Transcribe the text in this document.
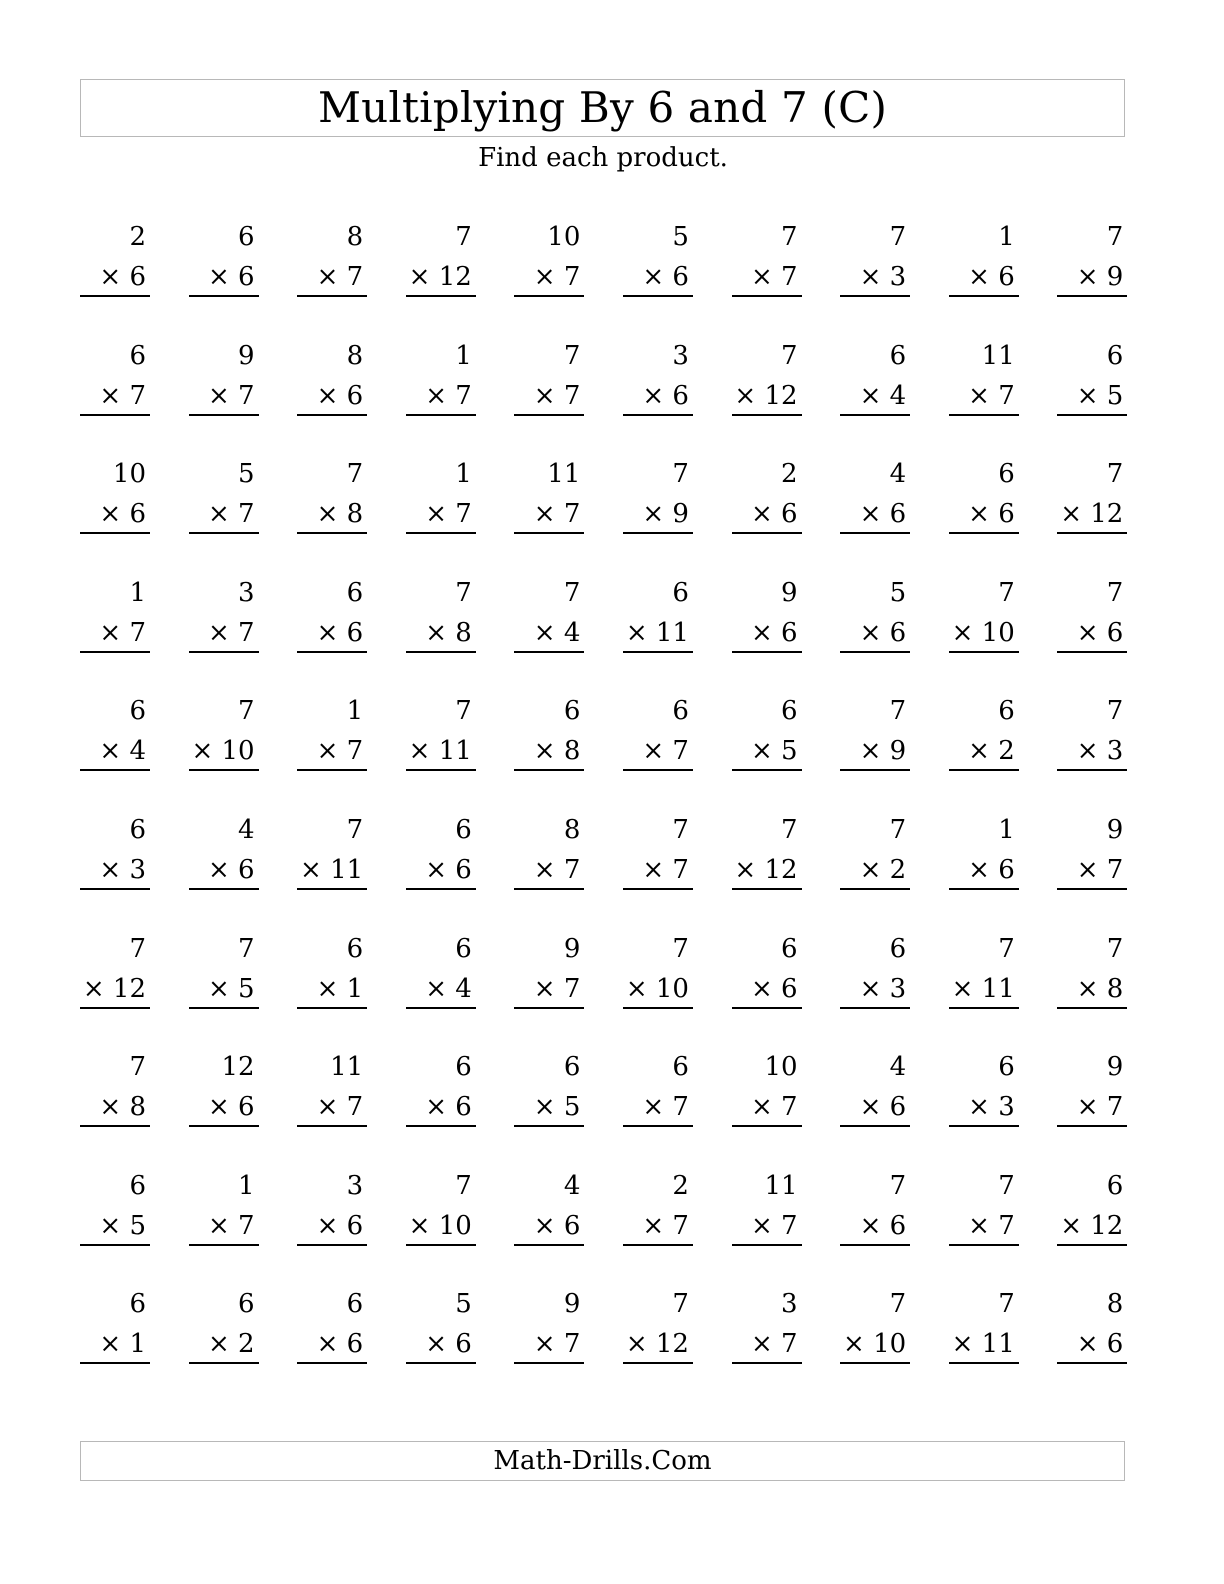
Multiplying By 6 and 7 (C)
Find each product.
2
× 6
6
× 6
8
× 7
7
× 12
10
× 7
5
× 6
7
× 7
7
× 3
1
× 6
7
× 9
6
× 7
9
× 7
8
× 6
1
× 7
7
× 7
3
× 6
7
× 12
6
× 4
11
× 7
6
× 5
10
× 6
5
× 7
7
× 8
1
× 7
11
× 7
7
× 9
2
× 6
4
× 6
6
× 6
7
× 12
1
× 7
3
× 7
6
× 6
7
× 8
7
× 4
6
× 11
9
× 6
5
× 6
7
× 10
7
× 6
6
× 4
7
× 10
1
× 7
7
× 11
6
× 8
6
× 7
6
× 5
7
× 9
6
× 2
7
× 3
6
× 3
4
× 6
7
× 11
6
× 6
8
× 7
7
× 7
7
× 12
7
× 2
1
× 6
9
× 7
7
× 12
7
× 5
6
× 1
6
× 4
9
× 7
7
× 10
6
× 6
6
× 3
7
× 11
7
× 8
7
× 8
12
× 6
11
× 7
6
× 6
6
× 5
6
× 7
10
× 7
4
× 6
6
× 3
9
× 7
6
× 5
1
× 7
3
× 6
7
× 10
4
× 6
2
× 7
11
× 7
7
× 6
7
× 7
6
× 12
6
× 1
6
× 2
6
× 6
5
× 6
9
× 7
7
× 12
3
× 7
7
× 10
7
× 11
8
× 6
Math-Drills.Com
